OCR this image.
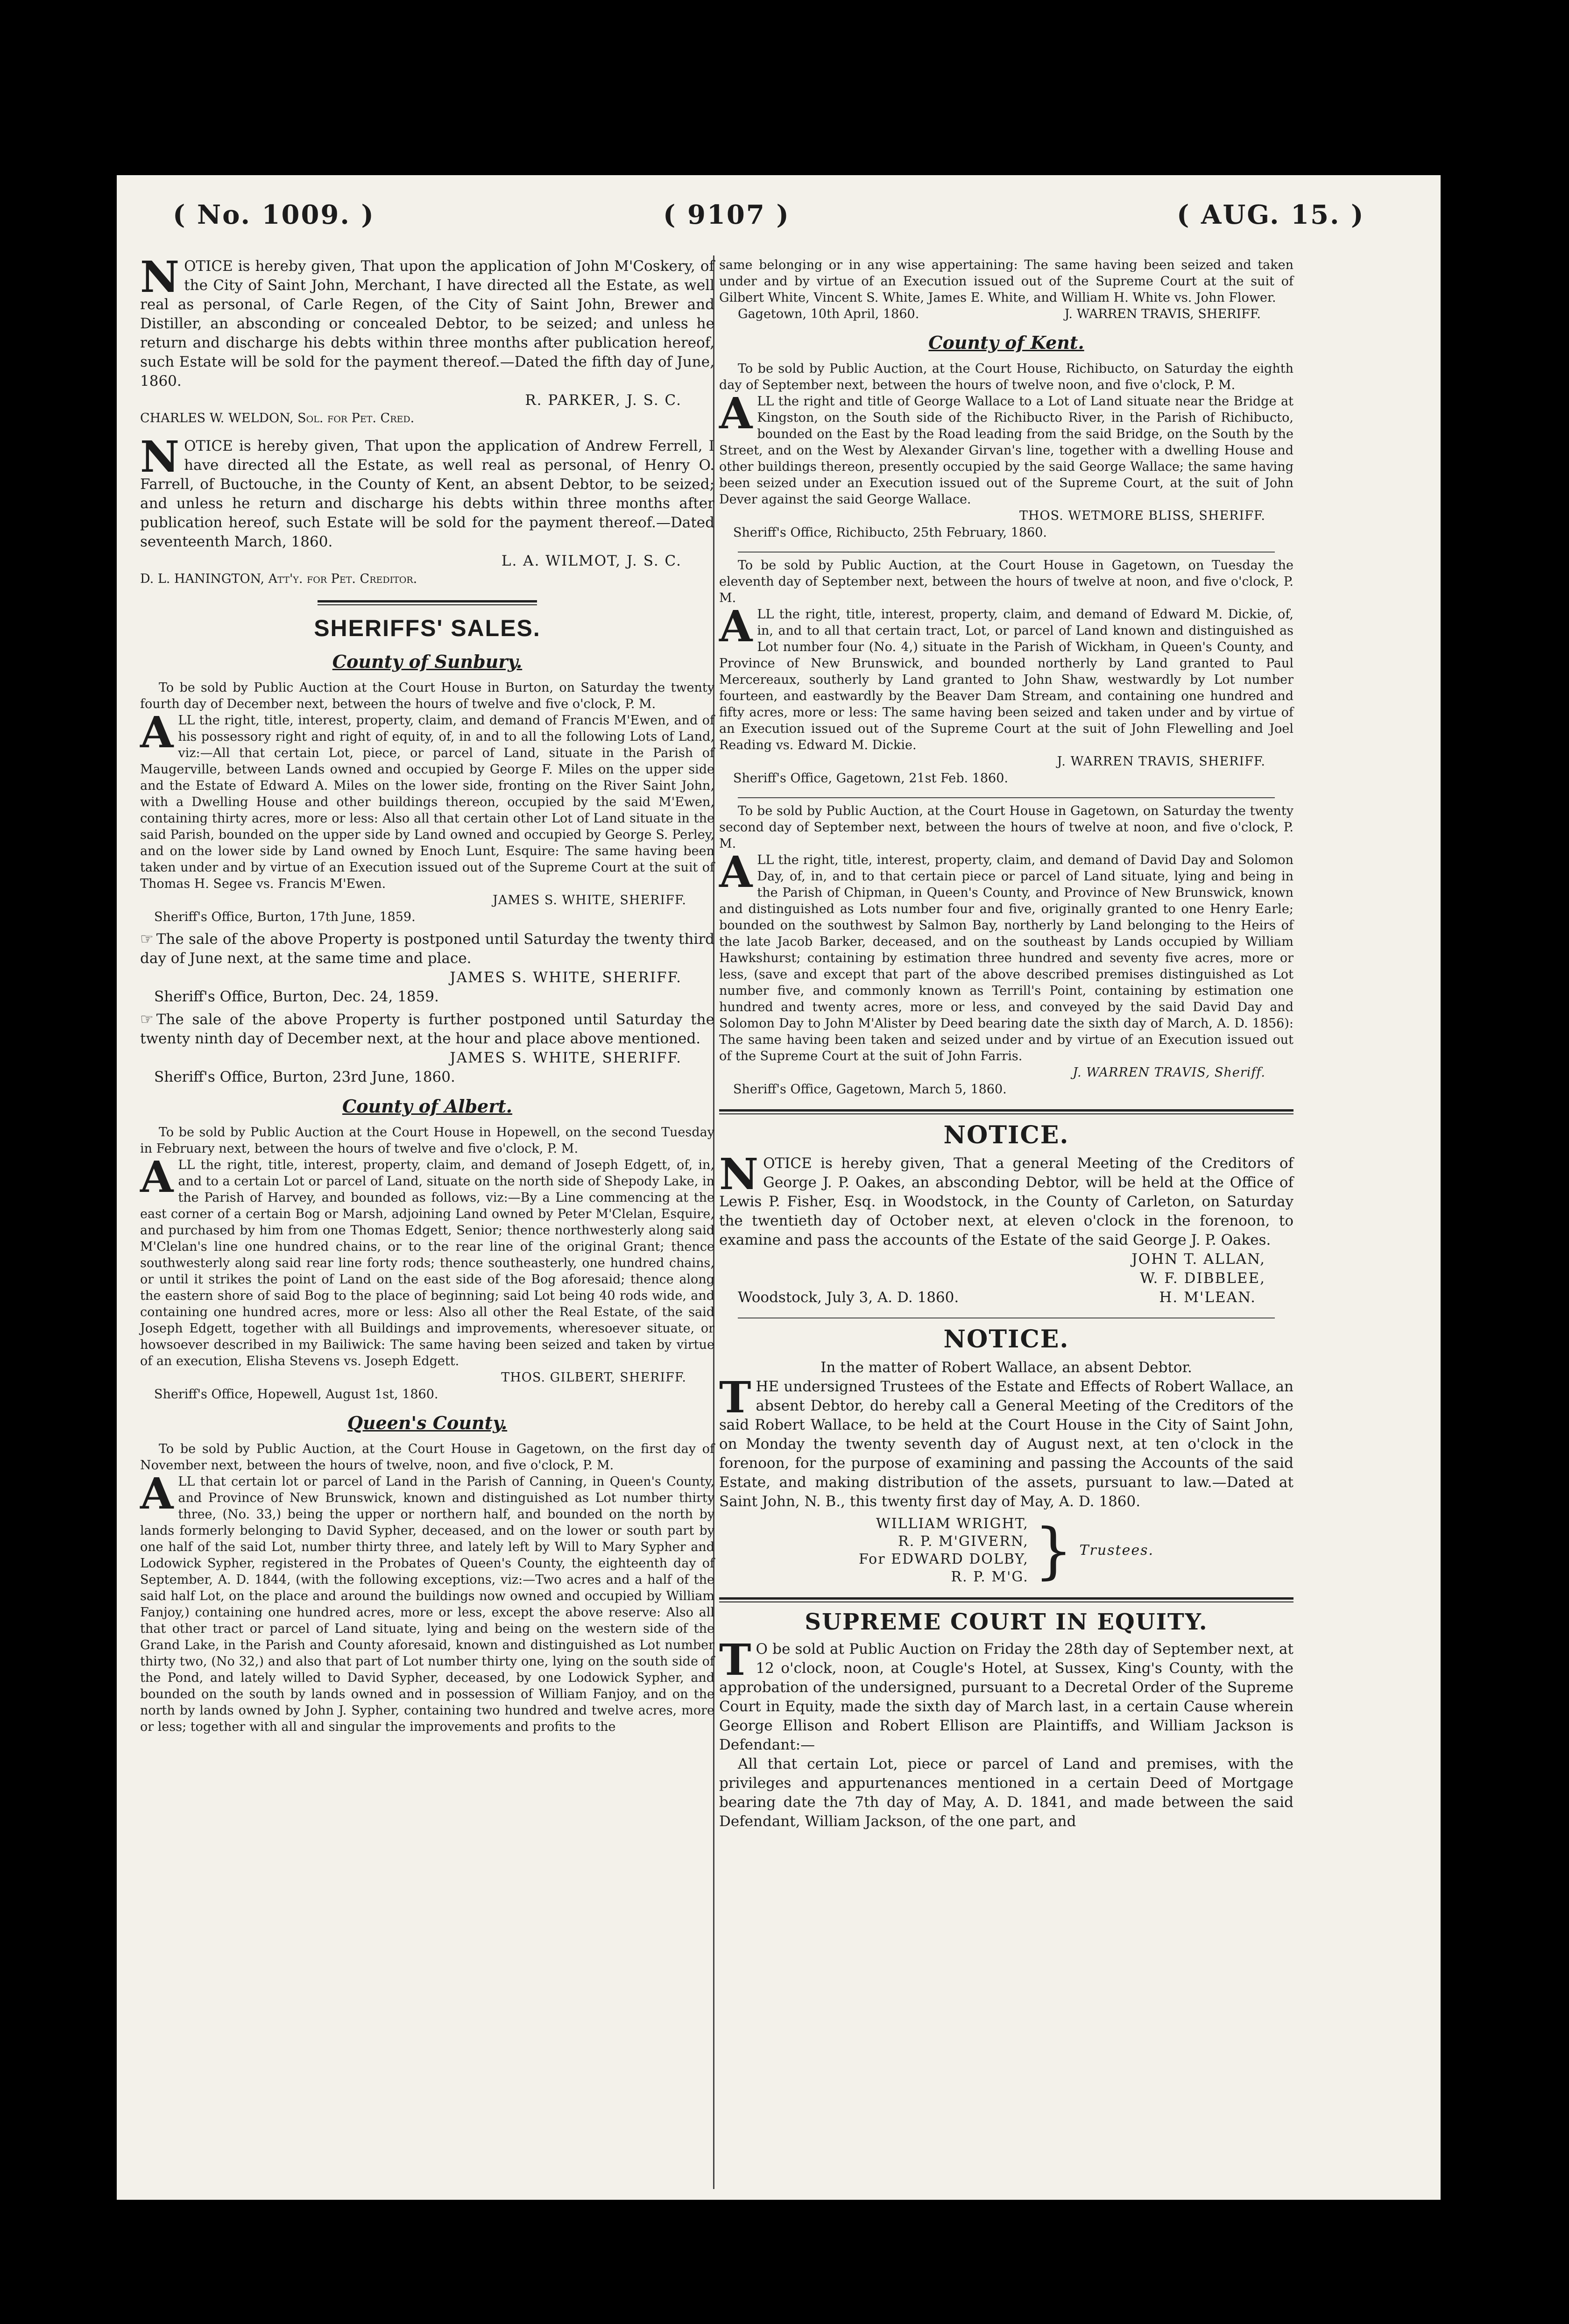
( No. 1009. )	( 9107 )	( AUG. 15. )

NOTICE is hereby given, That upon the application of John M'Coskery, of the City of Saint John, Merchant, I have directed all the Estate, as well real as personal, of Carle Regen, of the City of Saint John, Brewer and Distiller, an absconding or concealed Debtor, to be seized; and unless he return and discharge his debts within three months after publication hereof, such Estate will be sold for the payment thereof.—Dated the fifth day of June, 1860.

R. PARKER, J. S. C.

CHARLES W. WELDON, Sol. for Pet. Cred.

NOTICE is hereby given, That upon the application of Andrew Ferrell, I have directed all the Estate, as well real as personal, of Henry O. Farrell, of Buctouche, in the County of Kent, an absent Debtor, to be seized; and unless he return and discharge his debts within three months after publication hereof, such Estate will be sold for the payment thereof.—Dated seventeenth March, 1860.

L. A. WILMOT, J. S. C.

D. L. HANINGTON, Att'y. for Pet. Creditor.

SHERIFFS' SALES.
County of Sunbury.

To be sold by Public Auction at the Court House in Burton, on Saturday the twenty fourth day of December next, between the hours of twelve and five o'clock, P. M.

ALL the right, title, interest, property, claim, and demand of Francis M'Ewen, and of his possessory right and right of equity, of, in and to all the following Lots of Land, viz:—All that certain Lot, piece, or parcel of Land, situate in the Parish of Maugerville, between Lands owned and occupied by George F. Miles on the upper side and the Estate of Edward A. Miles on the lower side, fronting on the River Saint John, with a Dwelling House and other buildings thereon, occupied by the said M'Ewen, containing thirty acres, more or less: Also all that certain other Lot of Land situate in the said Parish, bounded on the upper side by Land owned and occupied by George S. Perley, and on the lower side by Land owned by Enoch Lunt, Esquire: The same having been taken under and by virtue of an Execution issued out of the Supreme Court at the suit of Thomas H. Segee vs. Francis M'Ewen.

JAMES S. WHITE, SHERIFF.

Sheriff's Office, Burton, 17th June, 1859.

☞ The sale of the above Property is postponed until Saturday the twenty third day of June next, at the same time and place.

JAMES S. WHITE, SHERIFF.

Sheriff's Office, Burton, Dec. 24, 1859.

☞ The sale of the above Property is further postponed until Saturday the twenty ninth day of December next, at the hour and place above mentioned.

JAMES S. WHITE, SHERIFF.

Sheriff's Office, Burton, 23rd June, 1860.

County of Albert.

To be sold by Public Auction at the Court House in Hopewell, on the second Tuesday in February next, between the hours of twelve and five o'clock, P. M.

ALL the right, title, interest, property, claim, and demand of Joseph Edgett, of, in, and to a certain Lot or parcel of Land, situate on the north side of Shepody Lake, in the Parish of Harvey, and bounded as follows, viz:—By a Line commencing at the east corner of a certain Bog or Marsh, adjoining Land owned by Peter M'Clelan, Esquire, and purchased by him from one Thomas Edgett, Senior; thence northwesterly along said M'Clelan's line one hundred chains, or to the rear line of the original Grant; thence southwesterly along said rear line forty rods; thence southeasterly, one hundred chains, or until it strikes the point of Land on the east side of the Bog aforesaid; thence along the eastern shore of said Bog to the place of beginning; said Lot being 40 rods wide, and containing one hundred acres, more or less: Also all other the Real Estate, of the said Joseph Edgett, together with all Buildings and improvements, wheresoever situate, or howsoever described in my Bailiwick: The same having been seized and taken by virtue of an execution, Elisha Stevens vs. Joseph Edgett.

THOS. GILBERT, SHERIFF.

Sheriff's Office, Hopewell, August 1st, 1860.

Queen's County.

To be sold by Public Auction, at the Court House in Gagetown, on the first day of November next, between the hours of twelve, noon, and five o'clock, P. M.

ALL that certain lot or parcel of Land in the Parish of Canning, in Queen's County, and Province of New Brunswick, known and distinguished as Lot number thirty three, (No. 33,) being the upper or northern half, and bounded on the north by lands formerly belonging to David Sypher, deceased, and on the lower or south part by one half of the said Lot, number thirty three, and lately left by Will to Mary Sypher and Lodowick Sypher, registered in the Probates of Queen's County, the eighteenth day of September, A. D. 1844, (with the following exceptions, viz:—Two acres and a half of the said half Lot, on the place and around the buildings now owned and occupied by William Fanjoy,) containing one hundred acres, more or less, except the above reserve: Also all that other tract or parcel of Land situate, lying and being on the western side of the Grand Lake, in the Parish and County aforesaid, known and distinguished as Lot number thirty two, (No 32,) and also that part of Lot number thirty one, lying on the south side of the Pond, and lately willed to David Sypher, deceased, by one Lodowick Sypher, and bounded on the south by lands owned and in possession of William Fanjoy, and on the north by lands owned by John J. Sypher, containing two hundred and twelve acres, more or less; together with all and singular the improvements and profits to the

same belonging or in any wise appertaining: The same having been seized and taken under and by virtue of an Execution issued out of the Supreme Court at the suit of Gilbert White, Vincent S. White, James E. White, and William H. White vs. John Flower.

Gagetown, 10th April, 1860.	J. WARREN TRAVIS, SHERIFF.
County of Kent.

To be sold by Public Auction, at the Court House, Richibucto, on Saturday the eighth day of September next, between the hours of twelve noon, and five o'clock, P. M.

ALL the right and title of George Wallace to a Lot of Land situate near the Bridge at Kingston, on the South side of the Richibucto River, in the Parish of Richibucto, bounded on the East by the Road leading from the said Bridge, on the South by the Street, and on the West by Alexander Girvan's line, together with a dwelling House and other buildings thereon, presently occupied by the said George Wallace; the same having been seized under an Execution issued out of the Supreme Court, at the suit of John Dever against the said George Wallace.

THOS. WETMORE BLISS, SHERIFF.

Sheriff's Office, Richibucto, 25th February, 1860.

To be sold by Public Auction, at the Court House in Gagetown, on Tuesday the eleventh day of September next, between the hours of twelve at noon, and five o'clock, P. M.

ALL the right, title, interest, property, claim, and demand of Edward M. Dickie, of, in, and to all that certain tract, Lot, or parcel of Land known and distinguished as Lot number four (No. 4,) situate in the Parish of Wickham, in Queen's County, and Province of New Brunswick, and bounded northerly by Land granted to Paul Mercereaux, southerly by Land granted to John Shaw, westwardly by Lot number fourteen, and eastwardly by the Beaver Dam Stream, and containing one hundred and fifty acres, more or less: The same having been seized and taken under and by virtue of an Execution issued out of the Supreme Court at the suit of John Flewelling and Joel Reading vs. Edward M. Dickie.

J. WARREN TRAVIS, SHERIFF.

Sheriff's Office, Gagetown, 21st Feb. 1860.

To be sold by Public Auction, at the Court House in Gagetown, on Saturday the twenty second day of September next, between the hours of twelve at noon, and five o'clock, P. M.

ALL the right, title, interest, property, claim, and demand of David Day and Solomon Day, of, in, and to that certain piece or parcel of Land situate, lying and being in the Parish of Chipman, in Queen's County, and Province of New Brunswick, known and distinguished as Lots number four and five, originally granted to one Henry Earle; bounded on the southwest by Salmon Bay, northerly by Land belonging to the Heirs of the late Jacob Barker, deceased, and on the southeast by Lands occupied by William Hawkshurst; containing by estimation three hundred and seventy five acres, more or less, (save and except that part of the above described premises distinguished as Lot number five, and commonly known as Terrill's Point, containing by estimation one hundred and twenty acres, more or less, and conveyed by the said David Day and Solomon Day to John M'Alister by Deed bearing date the sixth day of March, A. D. 1856): The same having been taken and seized under and by virtue of an Execution issued out of the Supreme Court at the suit of John Farris.

J. WARREN TRAVIS, Sheriff.

Sheriff's Office, Gagetown, March 5, 1860.

NOTICE.

NOTICE is hereby given, That a general Meeting of the Creditors of George J. P. Oakes, an absconding Debtor, will be held at the Office of Lewis P. Fisher, Esq. in Woodstock, in the County of Carleton, on Saturday the twentieth day of October next, at eleven o'clock in the forenoon, to examine and pass the accounts of the Estate of the said George J. P. Oakes.

JOHN T. ALLAN,

W. F. DIBBLEE,

Woodstock, July 3, A. D. 1860.	H. M'LEAN.
NOTICE.

In the matter of Robert Wallace, an absent Debtor.

THE undersigned Trustees of the Estate and Effects of Robert Wallace, an absent Debtor, do hereby call a General Meeting of the Creditors of the said Robert Wallace, to be held at the Court House in the City of Saint John, on Monday the twenty seventh day of August next, at ten o'clock in the forenoon, for the purpose of examining and passing the Accounts of the said Estate, and making distribution of the assets, pursuant to law.—Dated at Saint John, N. B., this twenty first day of May, A. D. 1860.

WILLIAM WRIGHT,
R. P. M'GIVERN,
For EDWARD DOLBY,
R. P. M'G. } Trustees.
SUPREME COURT IN EQUITY.

T O be sold at Public Auction on Friday the 28th day of September next, at 12 o'clock, noon, at Cougle's Hotel, at Sussex, King's County, with the approbation of the undersigned, pursuant to a Decretal Order of the Supreme Court in Equity, made the sixth day of March last, in a certain Cause wherein George Ellison and Robert Ellison are Plaintiffs, and William Jackson is Defendant:—

All that certain Lot, piece or parcel of Land and premises, with the privileges and appurtenances mentioned in a certain Deed of Mortgage bearing date the 7th day of May, A. D. 1841, and made between the said Defendant, William Jackson, of the one part, and
